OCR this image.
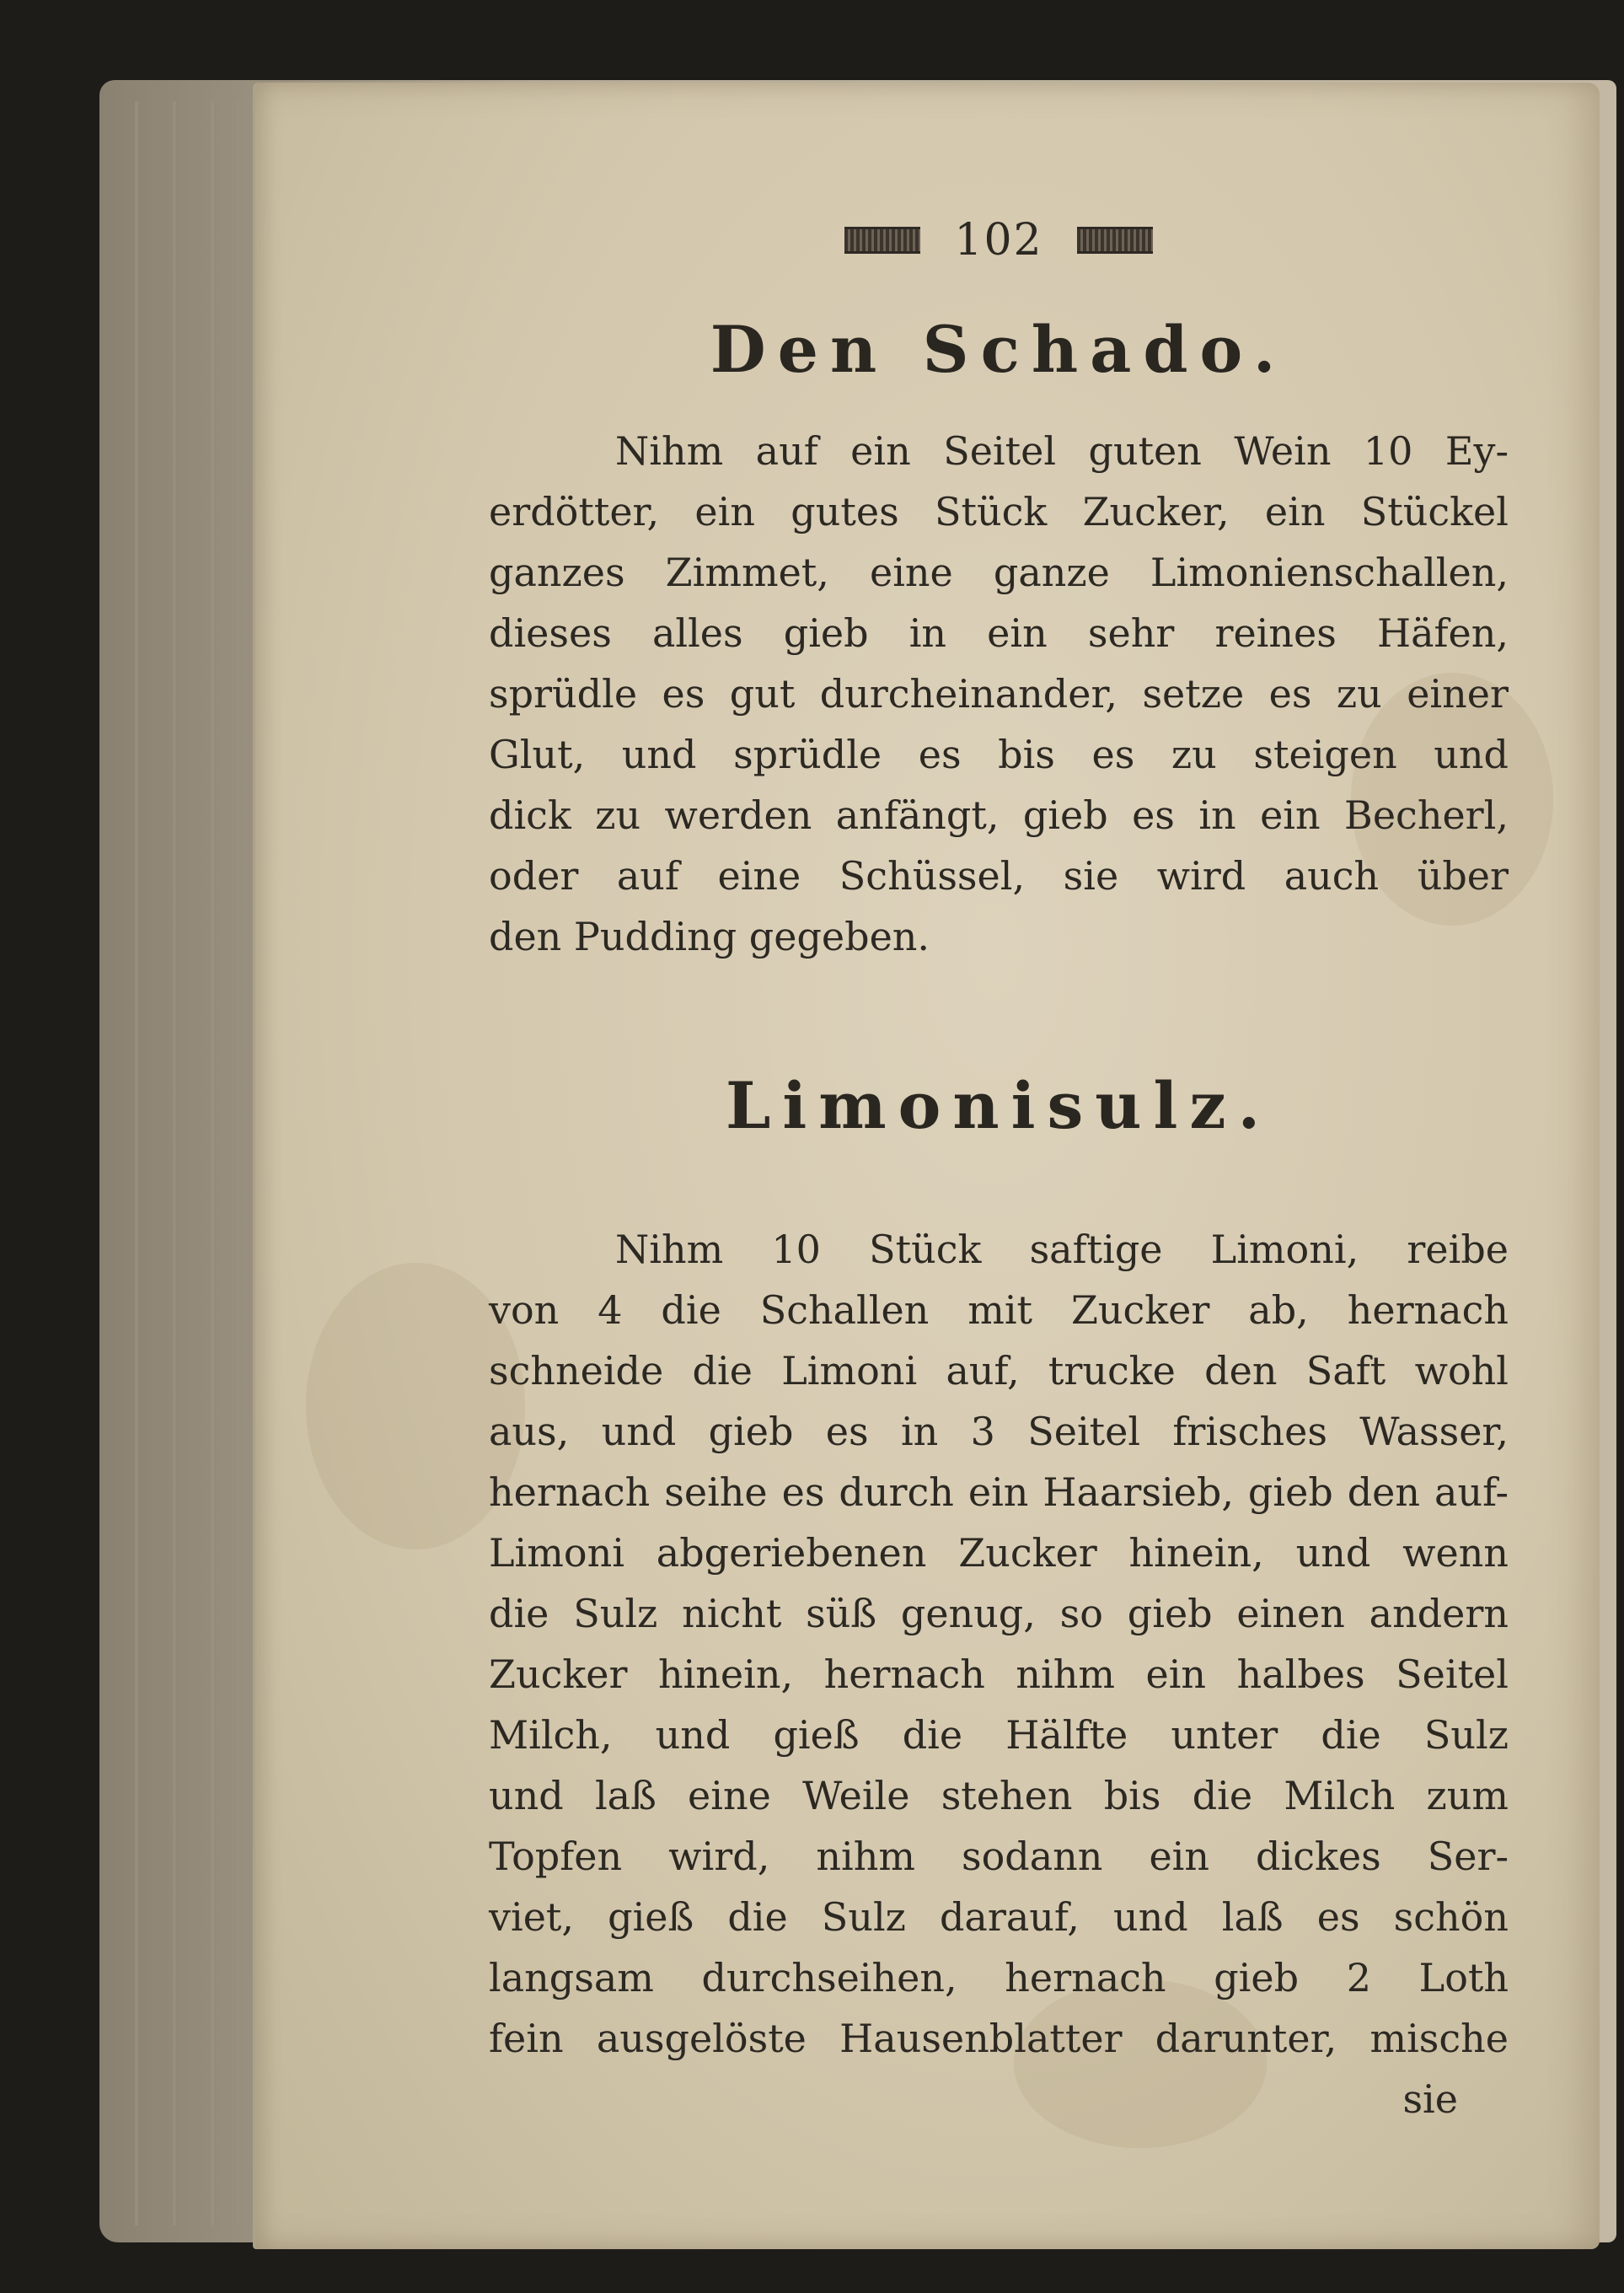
102
Den Schado.

Nihm auf ein Seitel guten Wein 10 Ey-
erdötter, ein gutes Stück Zucker, ein Stückel
ganzes Zimmet, eine ganze Limonienschallen,
dieses alles gieb in ein sehr reines Häfen,
sprüdle es gut durcheinander, setze es zu einer
Glut, und sprüdle es bis es zu steigen und
dick zu werden anfängt, gieb es in ein Becherl,
oder auf eine Schüssel, sie wird auch über
den Pudding gegeben.

Limonisulz.

Nihm 10 Stück saftige Limoni, reibe
von 4 die Schallen mit Zucker ab, hernach
schneide die Limoni auf, trucke den Saft wohl
aus, und gieb es in 3 Seitel frisches Wasser,
hernach seihe es durch ein Haarsieb, gieb den auf-
Limoni abgeriebenen Zucker hinein, und wenn
die Sulz nicht süß genug, so gieb einen andern
Zucker hinein, hernach nihm ein halbes Seitel
Milch, und gieß die Hälfte unter die Sulz
und laß eine Weile stehen bis die Milch zum
Topfen wird, nihm sodann ein dickes Ser-
viet, gieß die Sulz darauf, und laß es schön
langsam durchseihen, hernach gieb 2 Loth
fein ausgelöste Hausenblatter darunter, mische

sie
